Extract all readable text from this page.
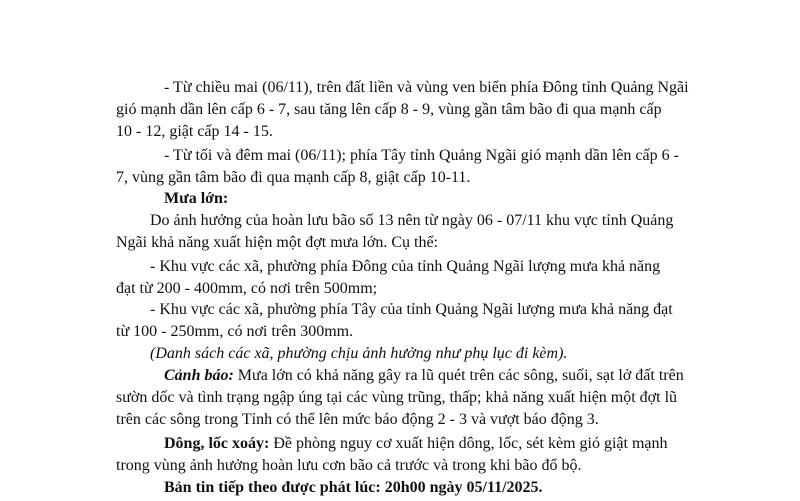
- Từ chiều mai (06/11), trên đất liền và vùng ven biển phía Đông tỉnh Quảng Ngãi
gió mạnh dần lên cấp 6 - 7, sau tăng lên cấp 8 - 9, vùng gần tâm bão đi qua mạnh cấp
10 - 12, giật cấp 14 - 15.
- Từ tối và đêm mai (06/11); phía Tây tỉnh Quảng Ngãi gió mạnh dần lên cấp 6 -
7, vùng gần tâm bão đi qua mạnh cấp 8, giật cấp 10-11.
Mưa lớn:
Do ảnh hưởng của hoàn lưu bão số 13 nên từ ngày 06 - 07/11 khu vực tỉnh Quảng
Ngãi khả năng xuất hiện một đợt mưa lớn. Cụ thể:
- Khu vực các xã, phường phía Đông của tỉnh Quảng Ngãi lượng mưa khả năng
đạt từ 200 - 400mm, có nơi trên 500mm;
- Khu vực các xã, phường phía Tây của tỉnh Quảng Ngãi lượng mưa khả năng đạt
từ 100 - 250mm, có nơi trên 300mm.
(Danh sách các xã, phường chịu ảnh hưởng như phụ lục đi kèm).
Cảnh báo: Mưa lớn có khả năng gây ra lũ quét trên các sông, suối, sạt lở đất trên
sườn dốc và tình trạng ngập úng tại các vùng trũng, thấp; khả năng xuất hiện một đợt lũ
trên các sông trong Tỉnh có thể lên mức báo động 2 - 3 và vượt báo động 3.
Dông, lốc xoáy: Đề phòng nguy cơ xuất hiện dông, lốc, sét kèm gió giật mạnh
trong vùng ảnh hưởng hoàn lưu cơn bão cả trước và trong khi bão đổ bộ.
Bản tin tiếp theo được phát lúc: 20h00 ngày 05/11/2025.
